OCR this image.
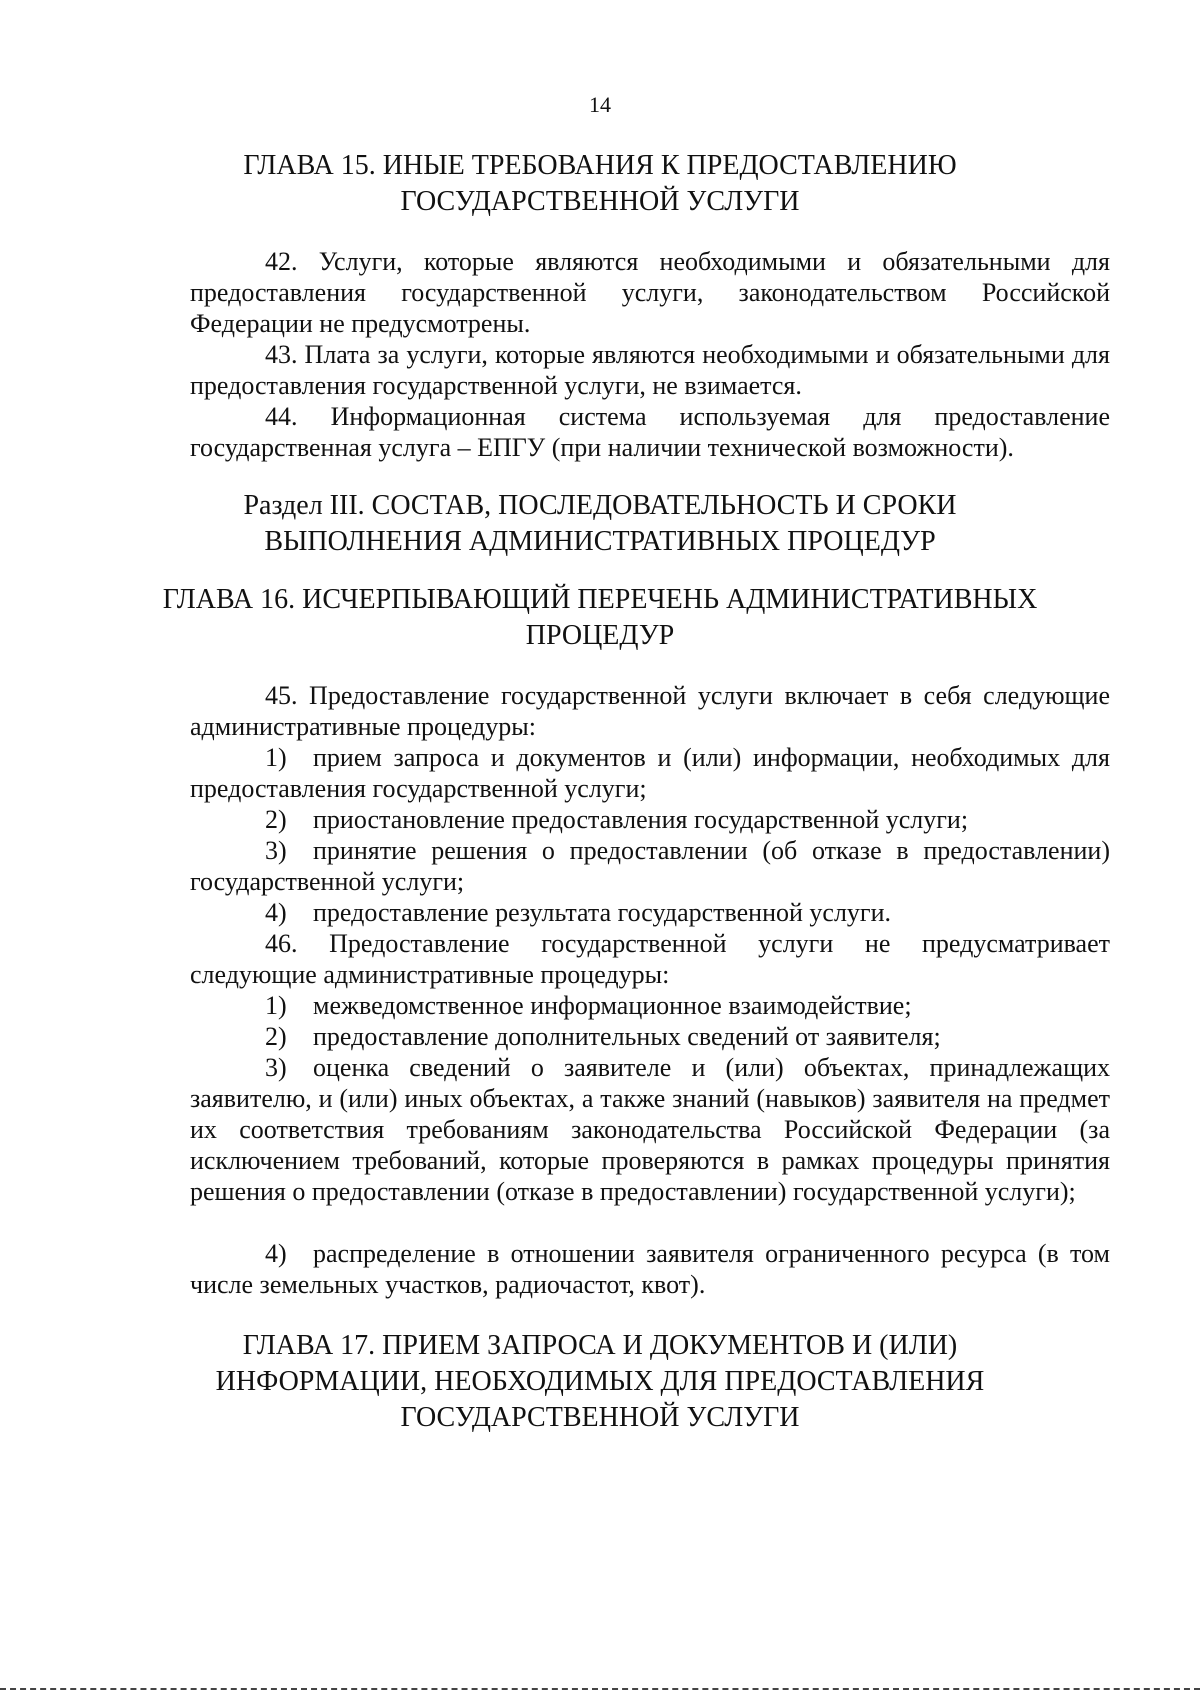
14
ГЛАВА 15. ИНЫЕ ТРЕБОВАНИЯ К ПРЕДОСТАВЛЕНИЮ ГОСУДАРСТВЕННОЙ УСЛУГИ

42. Услуги, которые являются необходимыми и обязательными для предоставления государственной услуги, законодательством Российской Федерации не предусмотрены.

43. Плата за услуги, которые являются необходимыми и обязательными для предоставления государственной услуги, не взимается.

44. Информационная система используемая для предоставление государственная услуга – ЕПГУ (при наличии технической возможности).

Раздел III. СОСТАВ, ПОСЛЕДОВАТЕЛЬНОСТЬ И СРОКИ ВЫПОЛНЕНИЯ АДМИНИСТРАТИВНЫХ ПРОЦЕДУР
ГЛАВА 16. ИСЧЕРПЫВАЮЩИЙ ПЕРЕЧЕНЬ АДМИНИСТРАТИВНЫХ ПРОЦЕДУР

45. Предоставление государственной услуги включает в себя следующие административные процедуры:

1) прием запроса и документов и (или) информации, необходимых для предоставления государственной услуги;

2) приостановление предоставления государственной услуги;

3) принятие решения о предоставлении (об отказе в предоставлении) государственной услуги;

4) предоставление результата государственной услуги.

46. Предоставление государственной услуги не предусматривает следующие административные процедуры:

1) межведомственное информационное взаимодействие;

2) предоставление дополнительных сведений от заявителя;

3) оценка сведений о заявителе и (или) объектах, принадлежащих заявителю, и (или) иных объектах, а также знаний (навыков) заявителя на предмет их соответствия требованиям законодательства Российской Федерации (за исключением требований, которые проверяются в рамках процедуры принятия решения о предоставлении (отказе в предоставлении) государственной услуги);

4) распределение в отношении заявителя ограниченного ресурса (в том числе земельных участков, радиочастот, квот).

ГЛАВА 17. ПРИЕМ ЗАПРОСА И ДОКУМЕНТОВ И (ИЛИ) ИНФОРМАЦИИ, НЕОБХОДИМЫХ ДЛЯ ПРЕДОСТАВЛЕНИЯ ГОСУДАРСТВЕННОЙ УСЛУГИ
